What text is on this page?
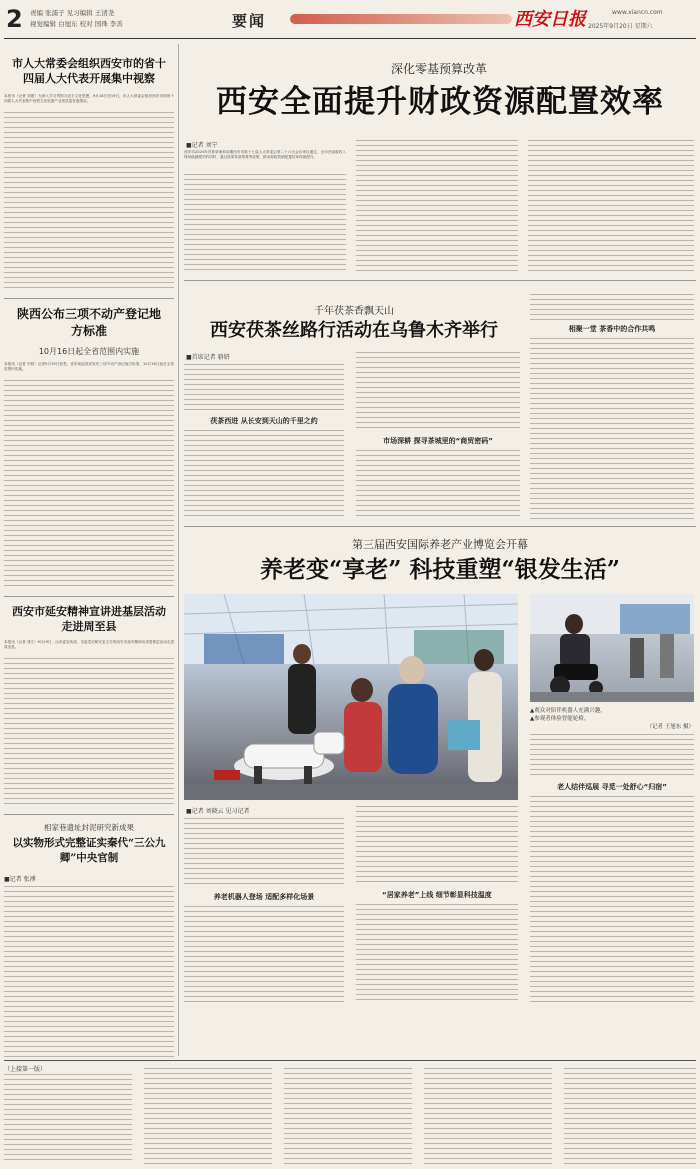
2	责编 张濡子 见习编辑 王清尧
视觉编辑 白旭东 校对 国珠 李善	要闻	西安日报	www.xiancn.com
2025年9月20日 星期六
市人大常委会组织西安市的省十四届人大代表开展集中视察
本报讯（记者 刘建）为深入学习贯彻习近平文化思想，9月18日至19日，市人大常委会组织西安市的省十四届人大代表集中视察文化旅游产业高质量发展情况。
陕西公布三项不动产登记地方标准
10月16日起全省范围内实施
本报讯（记者 冯程）记者9月19日获悉，省市场监管局发布三项不动产登记地方标准，10月16日起在全省范围内实施。
西安市延安精神宣讲进基层活动走进周至县
本报讯（记者 刘江）9月19日，由市委宣传部、市委党史研究室主办的西安市延安精神宣讲进基层活动走进周至县。
相家巷遗址封泥研究新成果
以实物形式完整证实秦代“三公九卿”中央官制
■记者 张溥
深化零基预算改革
西安全面提升财政资源配置效率
■记者 刘宁
西安市2024年决算草案和前期西安市第十七届人大常委会第二十六次会议审议通过，全市在财政收入保持稳健增长的同时，通过改革零基预算等政策，推动财政资源配置效率持续提升。
千年茯茶香飘天山
西安茯茶丝路行活动在乌鲁木齐举行
■首席记者 骆妍
茯茶西进 从长安到天山的千里之约
市场深耕 探寻茶城里的“商贸密码”
相聚一堂 茶香中的合作共鸣
第三届西安国际养老产业博览会开幕
养老变“享老” 科技重塑“银发生活”
▲观众对陪伴机器人充满兴趣。
▲参观者体验智能轮椅。
（记者 王旭东 摄）
老人结伴巡展 寻觅一处舒心“归宿”
■记者 刘晓云 见习记者
养老机器人登场 适配多样化场景	“居家养老”上线 细节彰显科技温度
（上接第一版）
